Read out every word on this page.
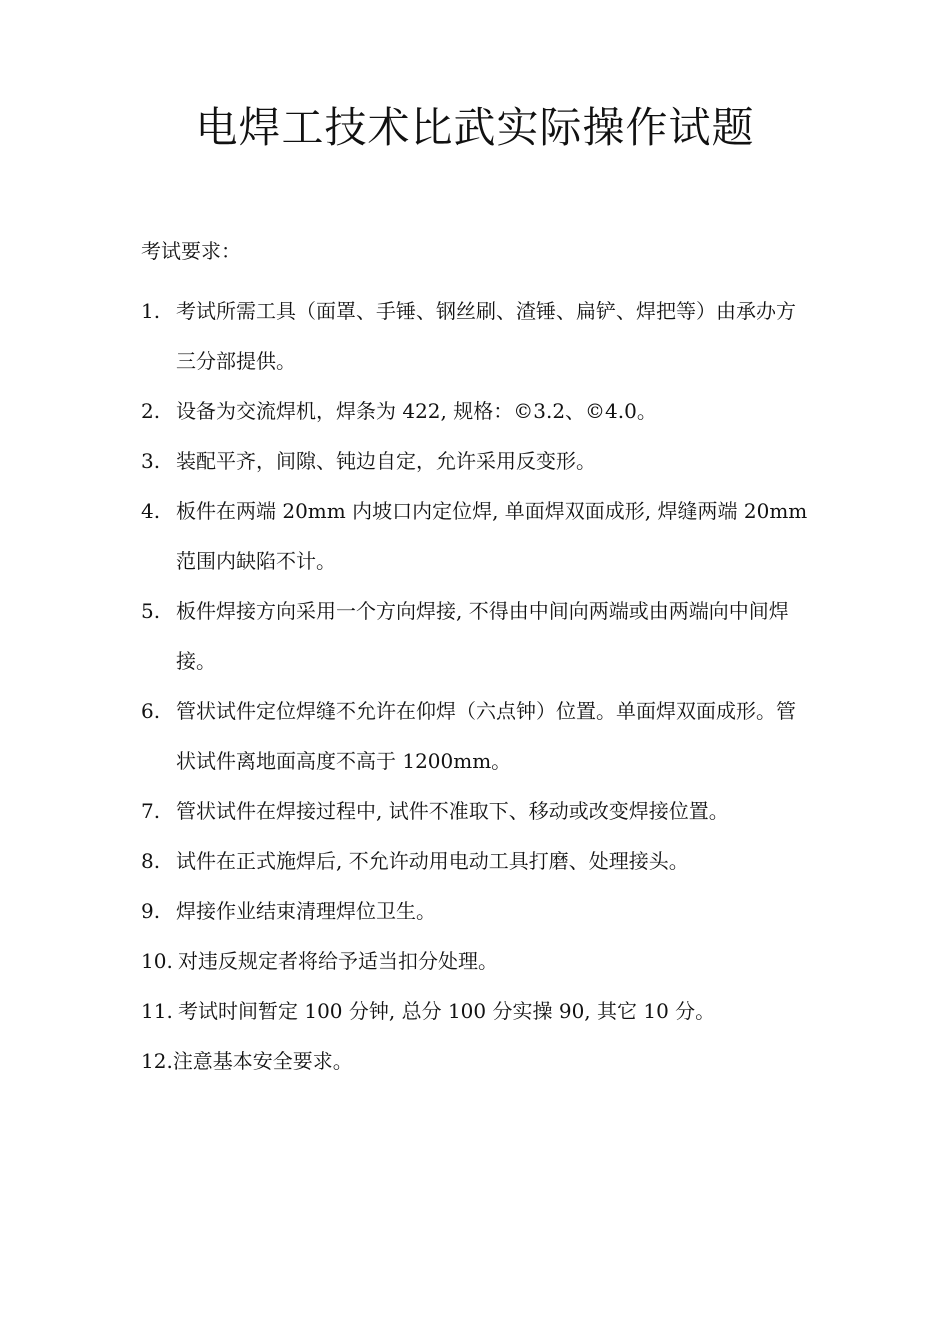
电焊工技术比武实际操作试题

考试要求：

1. 考试所需工具（面罩、手锤、钢丝刷、渣锤、扁铲、焊把等）由承办方三分部提供。
2. 设备为交流焊机，焊条为 422, 规格：©3.2、©4.0。
3. 装配平齐，间隙、钝边自定，允许采用反变形。
4. 板件在两端 20mm 内坡口内定位焊, 单面焊双面成形, 焊缝两端 20mm 范围内缺陷不计。
5. 板件焊接方向采用一个方向焊接, 不得由中间向两端或由两端向中间焊接。
6. 管状试件定位焊缝不允许在仰焊（六点钟）位置。单面焊双面成形。管状试件离地面高度不高于 1200mm。
7. 管状试件在焊接过程中, 试件不准取下、移动或改变焊接位置。
8. 试件在正式施焊后, 不允许动用电动工具打磨、处理接头。
9. 焊接作业结束清理焊位卫生。
10. 对违反规定者将给予适当扣分处理。
11. 考试时间暂定 100 分钟, 总分 100 分实操 90, 其它 10 分。
12. 注意基本安全要求。
